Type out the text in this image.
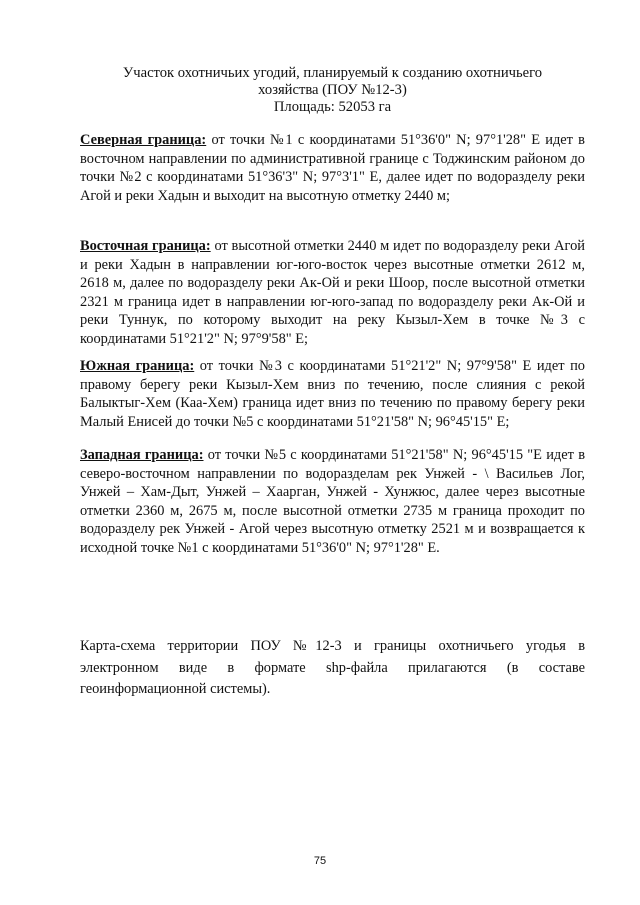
Участок охотничьих угодий, планируемый к созданию охотничьего
хозяйства (ПОУ №12-3)
Площадь: 52053 га
Северная граница: от точки №1 с координатами 51°36'0" N; 97°1'28" E идет в восточном направлении по административной границе с Тоджинским районом до точки №2 с координатами 51°36'3" N; 97°3'1" E, далее идет по водоразделу реки Агой и реки Хадын и выходит на высотную отметку 2440 м;
Восточная граница: от высотной отметки 2440 м идет по водоразделу реки Агой и реки Хадын в направлении юг-юго-восток через высотные отметки 2612 м, 2618 м, далее по водоразделу реки Ак-Ой и реки Шоор, после высотной отметки 2321 м граница идет в направлении юг-юго-запад по водоразделу реки Ак-Ой и реки Туннук, по которому выходит на реку Кызыл-Хем в точке №3 с координатами 51°21'2" N; 97°9'58" E;
Южная граница: от точки №3 с координатами 51°21'2" N; 97°9'58" E идет по правому берегу реки Кызыл-Хем вниз по течению, после слияния с рекой Балыктыг-Хем (Каа-Хем) граница идет вниз по течению по правому берегу реки Малый Енисей до точки №5 с координатами 51°21'58" N; 96°45'15" E;
Западная граница: от точки №5 с координатами 51°21'58" N; 96°45'15 "E идет в северо-восточном направлении по водоразделам рек Унжей - \ Васильев Лог, Унжей – Хам-Дыт, Унжей – Хаарган, Унжей - Хунжюс, далее через высотные отметки 2360 м, 2675 м, после высотной отметки 2735 м граница проходит по водоразделу рек Унжей - Агой через высотную отметку 2521 м и возвращается к исходной точке №1 с координатами 51°36'0" N; 97°1'28" E.
Карта-схема территории ПОУ №12-3 и границы охотничьего угодья в электронном виде в формате shp-файла прилагаются (в составе геоинформационной системы).
75
